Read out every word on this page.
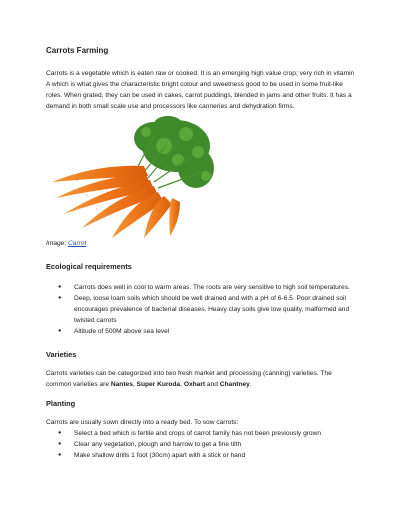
Carrots Farming

Carrots is a vegetable which is eaten raw or cooked. It is an emerging high value crop; very rich in vitamin A which is what gives the characteristic bright colour and sweetness good to be used in some fruit-like roles. When grated, they can be used in cakes, carrot puddings, blended in jams and other fruits. It has a demand in both small scale use and processors like canneries and dehydration firms.

Image: Carrot
Ecological requirements
● Carrots does well in cool to warm areas. The roots are very sensitive to high soil temperatures.
● Deep, loose loam soils which should be well drained and with a pH of 6-6.5. Poor drained soil encourages prevalence of bacterial diseases. Heavy clay soils give low quality, malformed and twisted carrots
● Altitude of 500M above sea level
Varieties

Carrots varieties can be categorized into two fresh market and processing (canning) varieties. The common varieties are Nantes, Super Kuroda, Oxhart and Chantney.

Planting

Carrots are usually sown directly into a ready bed. To sow carrots:

● Select a bed which is fertile and crops of carrot family has not been previously grown
● Clear any vegetation, plough and harrow to get a fine tilth
● Make shallow drills 1 foot (30cm) apart with a stick or hand
